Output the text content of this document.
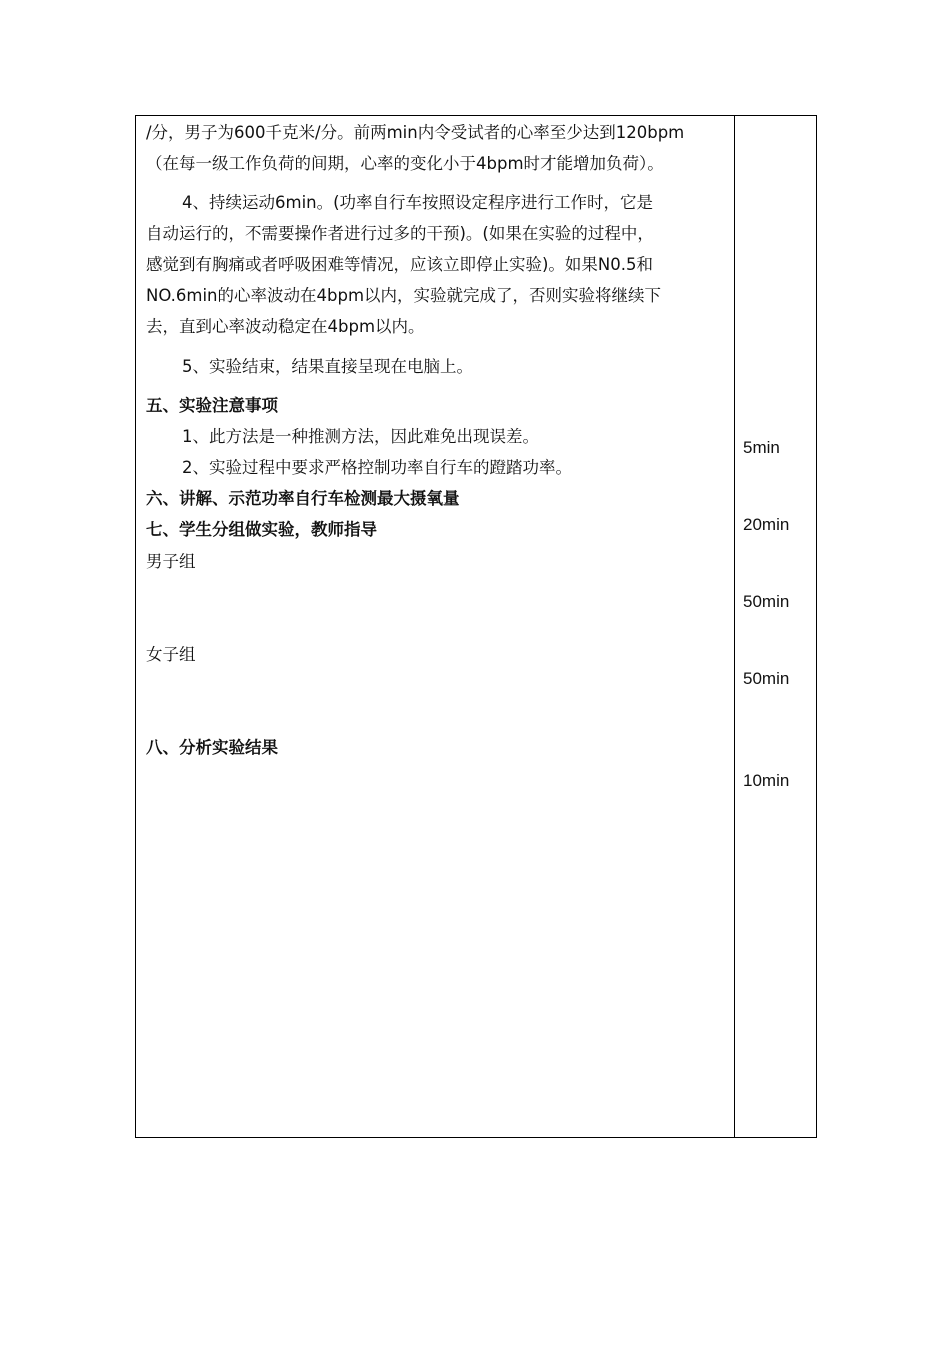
/分，男子为600千克米/分。前两min内令受试者的心率至少达到120bpm
（在每一级工作负荷的间期，心率的变化小于4bpm时才能增加负荷）。
4、持续运动6min。(功率自行车按照设定程序进行工作时，它是
自动运行的，不需要操作者进行过多的干预)。(如果在实验的过程中，
感觉到有胸痛或者呼吸困难等情况，应该立即停止实验)。如果N0.5和
NO.6min的心率波动在4bpm以内，实验就完成了，否则实验将继续下
去，直到心率波动稳定在4bpm以内。
5、实验结束，结果直接呈现在电脑上。
五、实验注意事项
1、此方法是一种推测方法，因此难免出现误差。
2、实验过程中要求严格控制功率自行车的蹬踏功率。
六、讲解、示范功率自行车检测最大摄氧量
七、学生分组做实验，教师指导
男子组
女子组
八、分析实验结果
5min
20min
50min
50min
10min
